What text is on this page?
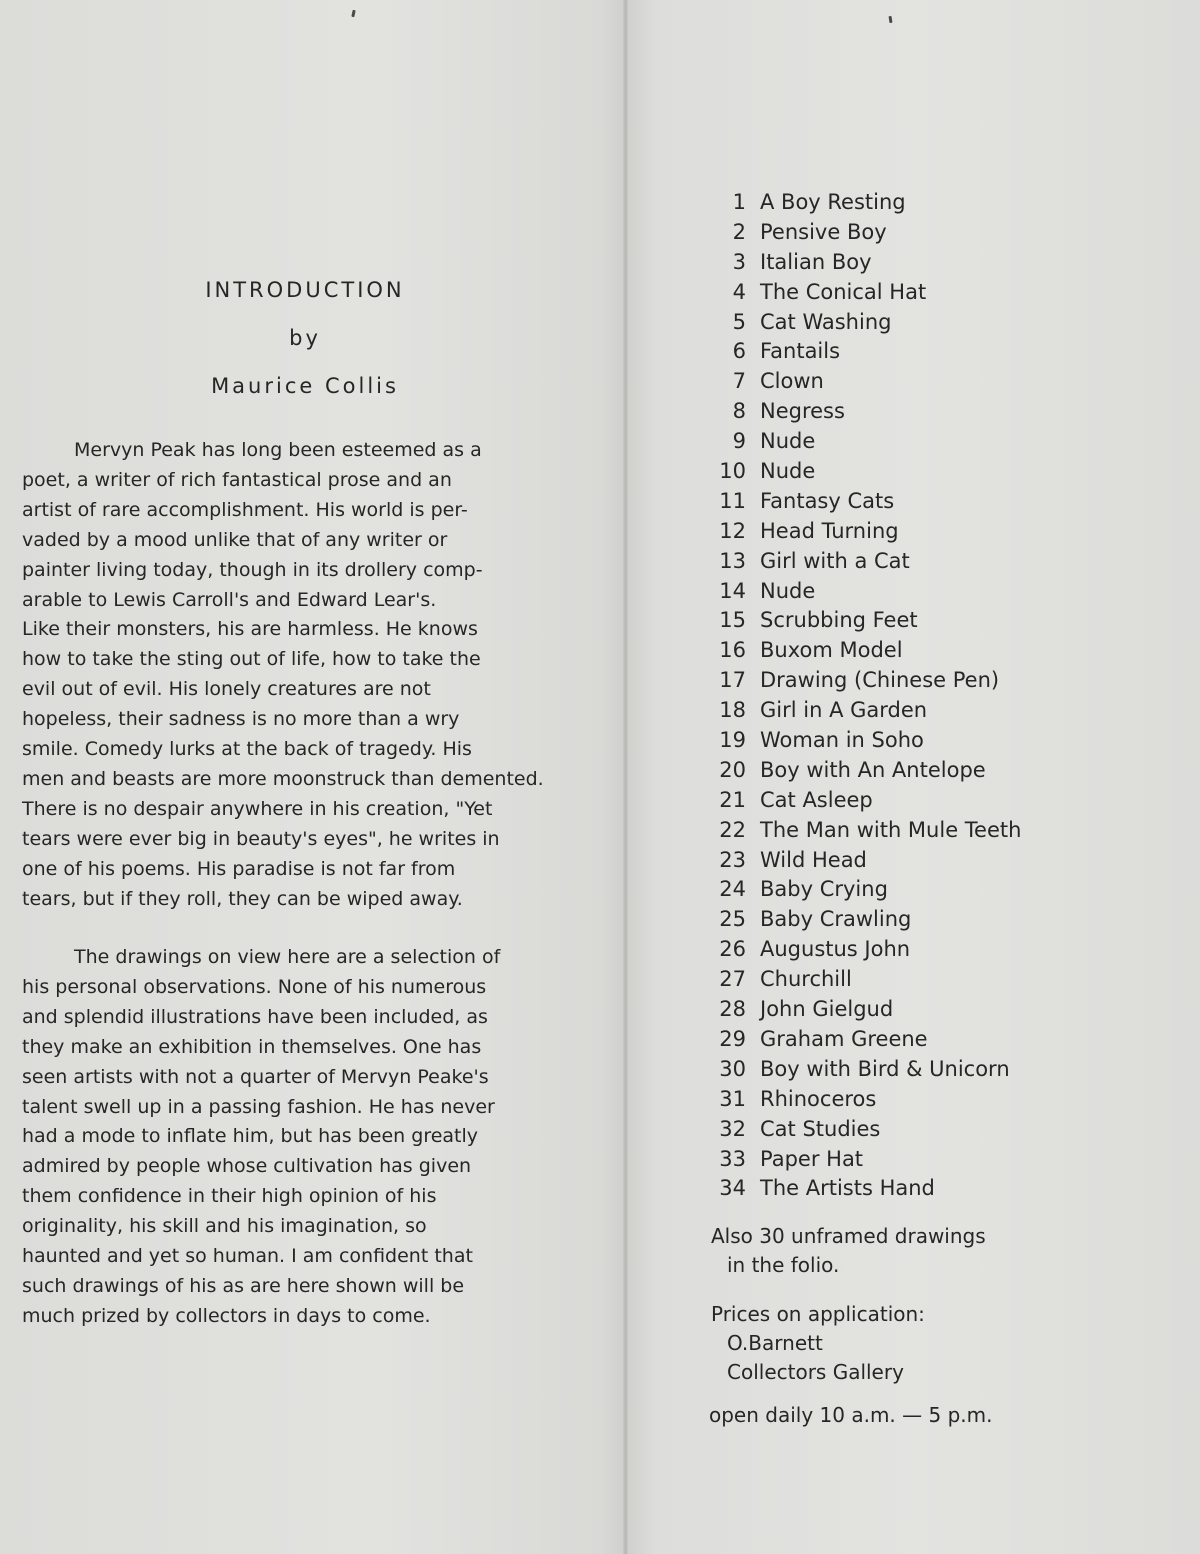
INTRODUCTION
by
Maurice Collis
Mervyn Peak has long been esteemed as a
poet, a writer of rich fantastical prose and an
artist of rare accomplishment. His world is per-
vaded by a mood unlike that of any writer or
painter living today, though in its drollery comp-
arable to Lewis Carroll's and Edward Lear's.
Like their monsters, his are harmless. He knows
how to take the sting out of life, how to take the
evil out of evil. His lonely creatures are not
hopeless, their sadness is no more than a wry
smile. Comedy lurks at the back of tragedy. His
men and beasts are more moonstruck than demented.
There is no despair anywhere in his creation, "Yet
tears were ever big in beauty's eyes", he writes in
one of his poems. His paradise is not far from
tears, but if they roll, they can be wiped away.
The drawings on view here are a selection of
his personal observations. None of his numerous
and splendid illustrations have been included, as
they make an exhibition in themselves. One has
seen artists with not a quarter of Mervyn Peake's
talent swell up in a passing fashion. He has never
had a mode to inflate him, but has been greatly
admired by people whose cultivation has given
them confidence in their high opinion of his
originality, his skill and his imagination, so
haunted and yet so human. I am confident that
such drawings of his as are here shown will be
much prized by collectors in days to come.
1 A Boy Resting
2 Pensive Boy
3 Italian Boy
4 The Conical Hat
5 Cat Washing
6 Fantails
7 Clown
8 Negress
9 Nude
10 Nude
11 Fantasy Cats
12 Head Turning
13 Girl with a Cat
14 Nude
15 Scrubbing Feet
16 Buxom Model
17 Drawing (Chinese Pen)
18 Girl in A Garden
19 Woman in Soho
20 Boy with An Antelope
21 Cat Asleep
22 The Man with Mule Teeth
23 Wild Head
24 Baby Crying
25 Baby Crawling
26 Augustus John
27 Churchill
28 John Gielgud
29 Graham Greene
30 Boy with Bird & Unicorn
31 Rhinoceros
32 Cat Studies
33 Paper Hat
34 The Artists Hand
Also 30 unframed drawings
in the folio.
Prices on application:
O.Barnett
Collectors Gallery
open daily 10 a.m. — 5 p.m.
